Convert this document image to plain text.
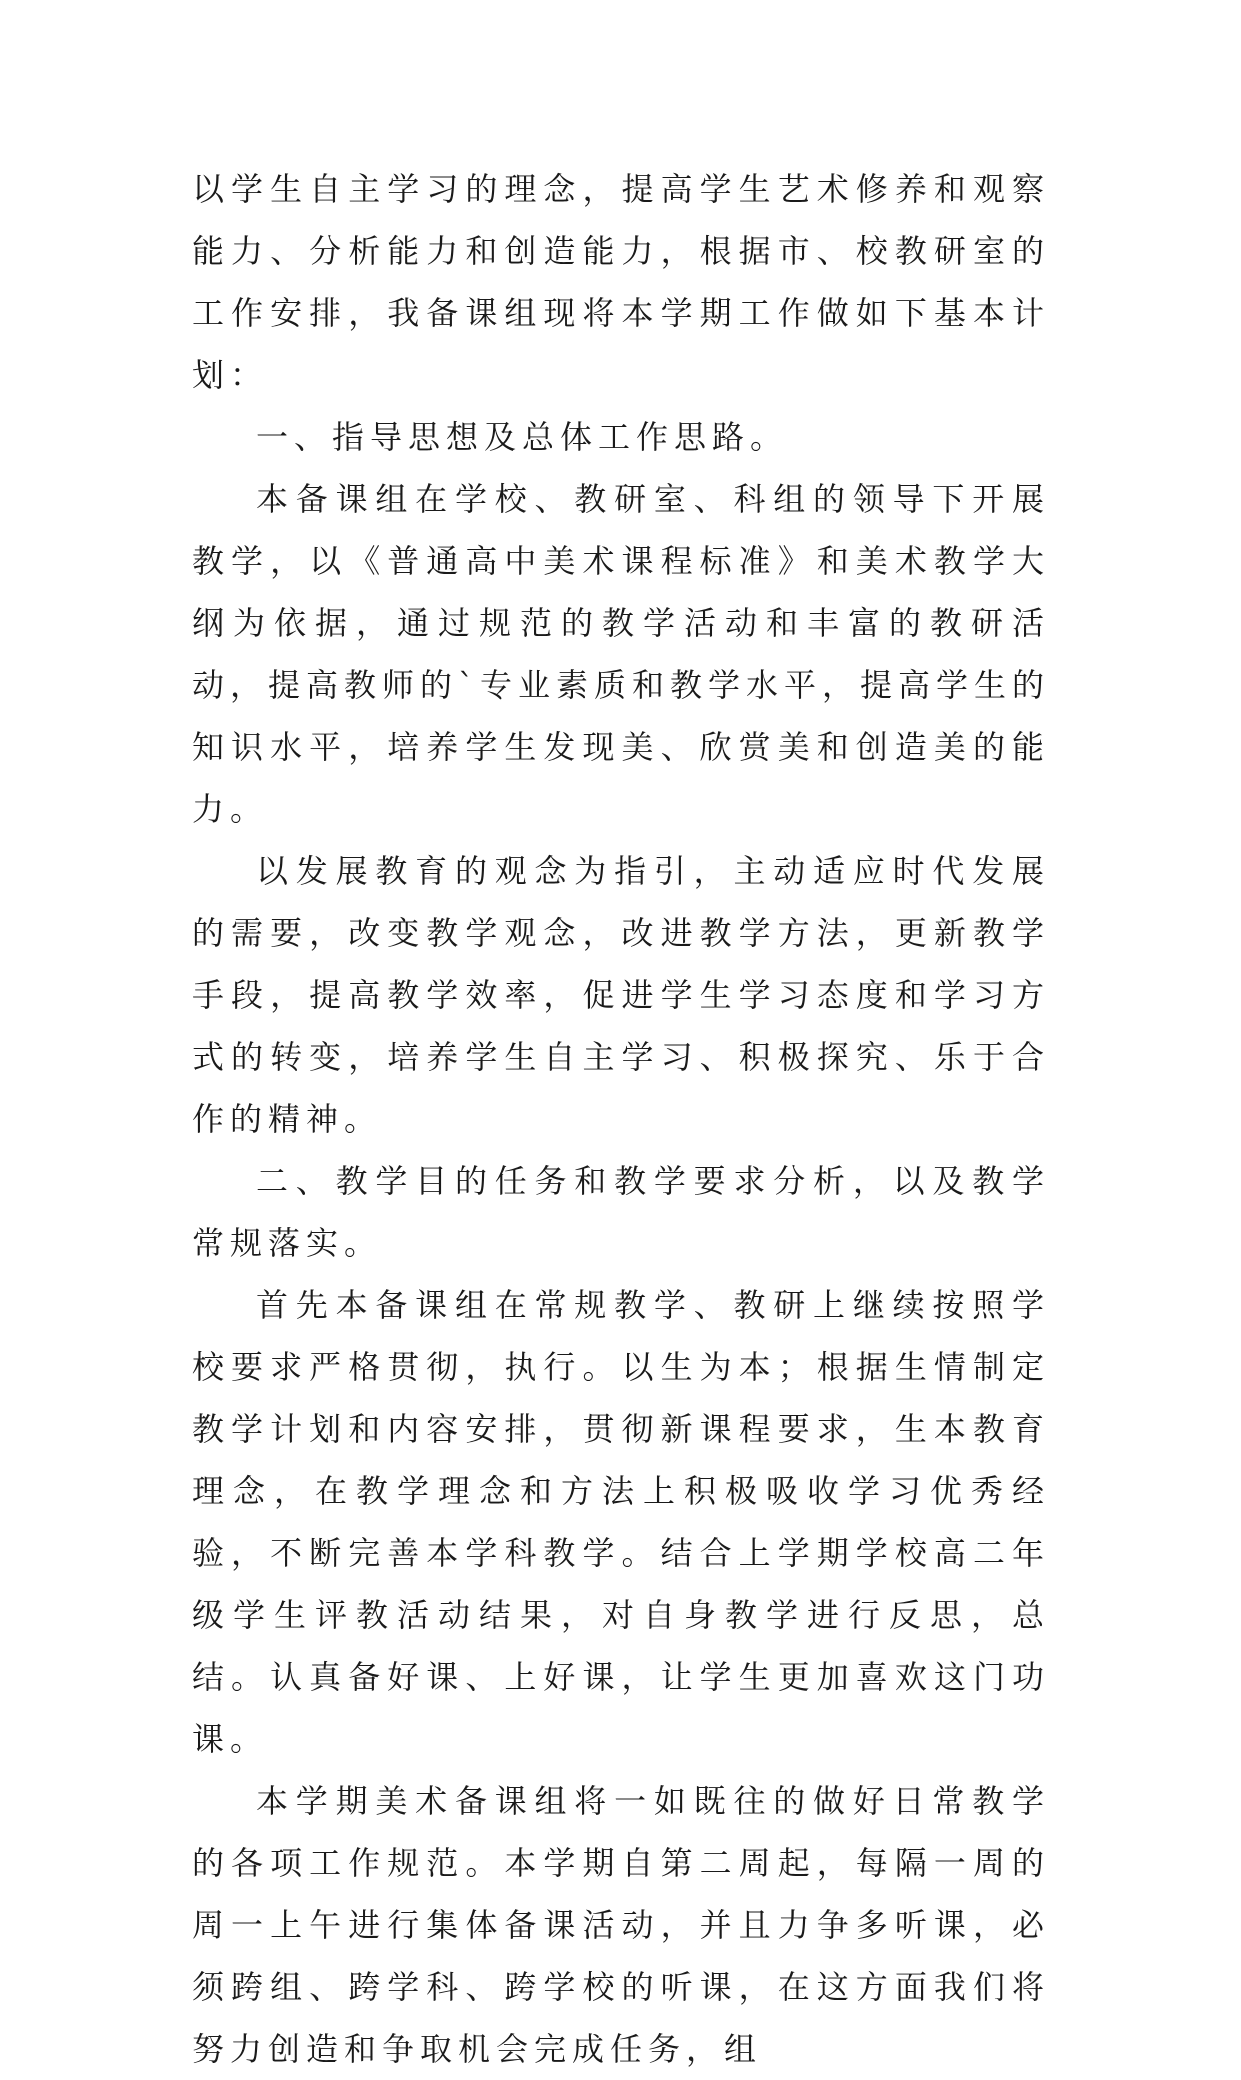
以学生自主学习的理念，提高学生艺术修养和观察能力、分析能力和创造能力，根据市、校教研室的工作安排，我备课组现将本学期工作做如下基本计划：

一、指导思想及总体工作思路。

本备课组在学校、教研室、科组的领导下开展教学，以《普通高中美术课程标准》和美术教学大纲为依据，通过规范的教学活动和丰富的教研活动，提高教师的`专业素质和教学水平，提高学生的知识水平，培养学生发现美、欣赏美和创造美的能力。

以发展教育的观念为指引，主动适应时代发展的需要，改变教学观念，改进教学方法，更新教学手段，提高教学效率，促进学生学习态度和学习方式的转变，培养学生自主学习、积极探究、乐于合作的精神。

二、教学目的任务和教学要求分析，以及教学常规落实。

首先本备课组在常规教学、教研上继续按照学校要求严格贯彻，执行。以生为本；根据生情制定教学计划和内容安排，贯彻新课程要求，生本教育理念，在教学理念和方法上积极吸收学习优秀经验，不断完善本学科教学。结合上学期学校高二年级学生评教活动结果，对自身教学进行反思，总结。认真备好课、上好课，让学生更加喜欢这门功课。

本学期美术备课组将一如既往的做好日常教学的各项工作规范。本学期自第二周起，每隔一周的周一上午进行集体备课活动，并且力争多听课，必须跨组、跨学科、跨学校的听课，在这方面我们将努力创造和争取机会完成任务，组
